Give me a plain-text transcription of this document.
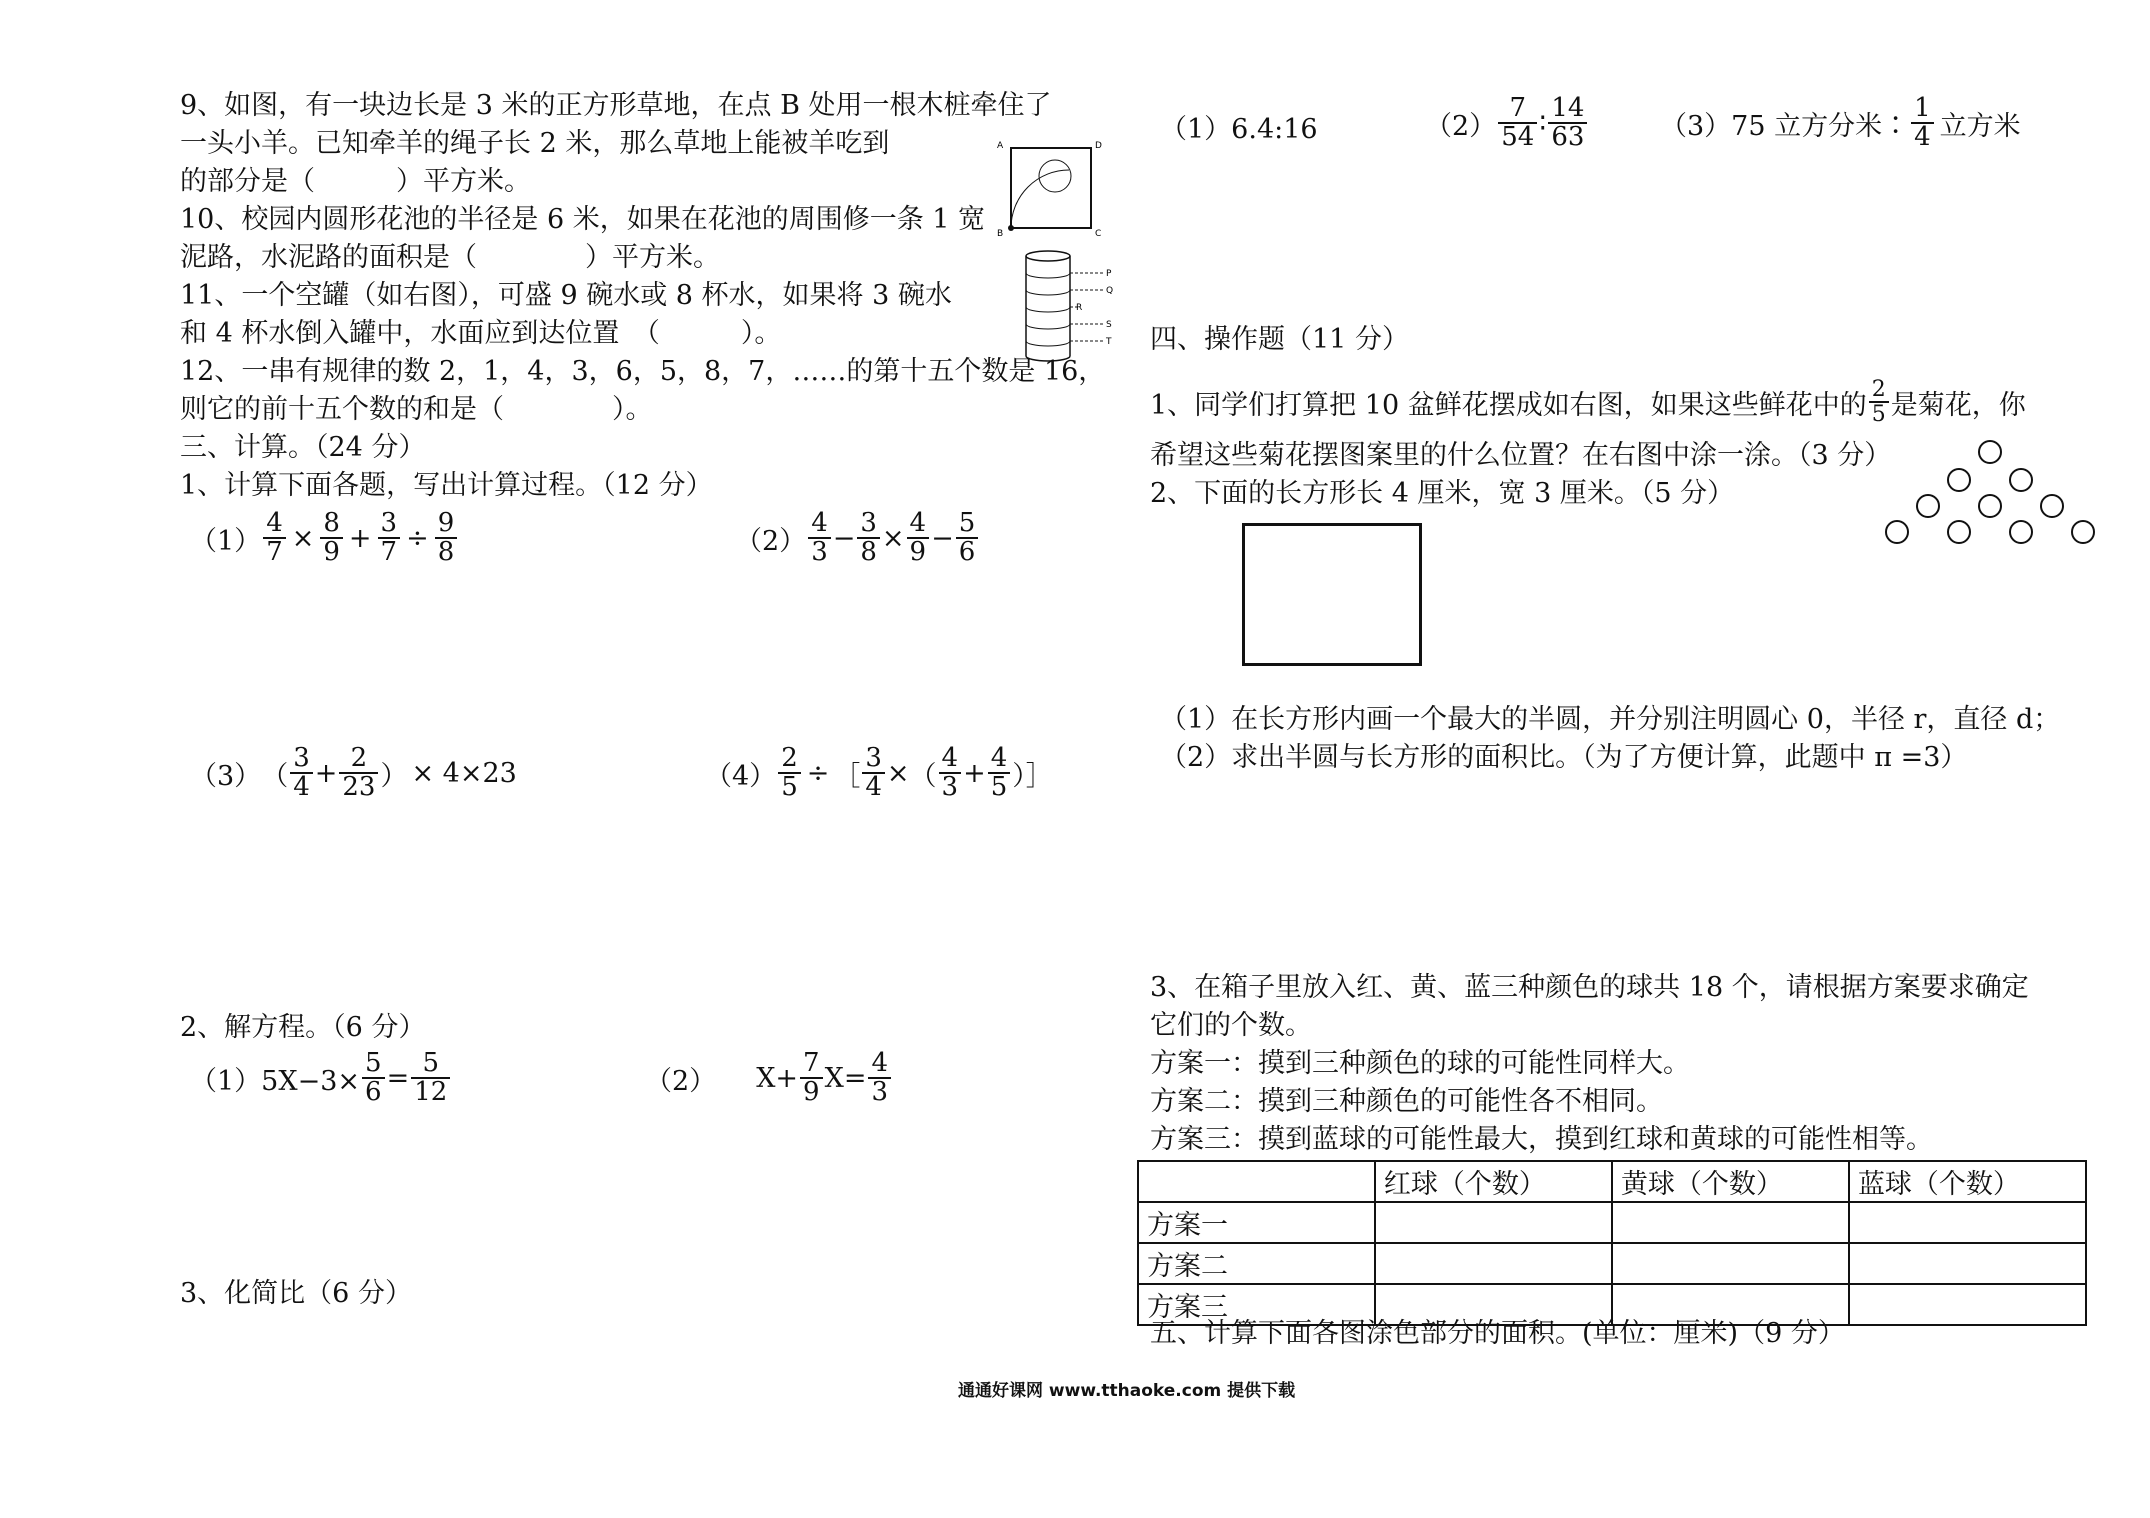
9、如图，有一块边长是 3 米的正方形草地，在点 B 处用一根木桩牵住了
一头小羊。已知牵羊的绳子长 2 米，那么草地上能被羊吃到
的部分是（　　　）平方米。
10、校园内圆形花池的半径是 6 米，如果在花池的周围修一条 1 宽
泥路，水泥路的面积是（　　　　）平方米。
11、一个空罐（如右图），可盛 9 碗水或 8 杯水，如果将 3 碗水
和 4 杯水倒入罐中，水面应到达位置　（　　　）。
12、一串有规律的数 2，1，4，3，6，5，8，7，……的第十五个数是 16，
则它的前十五个数的和是（　　　　）。
三、计算。（24 分）
1、计算下面各题，写出计算过程。（12 分）
A	D
B	C
P
Q
R
S
T
$(1) \frac{4}{7} \times \frac{8}{9} + \frac{3}{7} \div \frac{9}{8}$	$(2) \frac{4}{3} - \frac{3}{8} \times \frac{4}{9} - \frac{5}{6}$
（3） （ $\frac{3}{4} + \frac{2}{23}$ ） × 4×23	$(4) \frac{2}{5}$ ÷ ［ $\frac{3}{4}$ × （ $\frac{4}{3} + \frac{4}{5}$ ）］
2、解方程。（6 分）
$(1)5X-3\times \frac{5}{6} = \frac{5}{12}$	（2） $X+ \frac{7}{9} X= \frac{4}{3}$
3、化简比（6 分）
（1）6.4:16	$(2) \frac{7}{54}$ ∶ $\frac{14}{63}$	（3）75 立方分米∶ $\frac{1}{4}$ 立方米
四、操作题（11 分）
1、同学们打算把 10 盆鲜花摆成如右图，如果这些鲜花中的 $\frac{2}{5}$ 是菊花，你
希望这些菊花摆图案里的什么位置？在右图中涂一涂。（3 分）
2、下面的长方形长 4 厘米，宽 3 厘米。（5 分）
（1）在长方形内画一个最大的半圆，并分别注明圆心 0，半径 r，直径 d；
（2）求出半圆与长方形的面积比。（为了方便计算，此题中 π =3）
3、在箱子里放入红、黄、蓝三种颜色的球共 18 个，请根据方案要求确定
它们的个数。
方案一：摸到三种颜色的球的可能性同样大。
方案二：摸到三种颜色的可能性各不相同。
方案三：摸到蓝球的可能性最大，摸到红球和黄球的可能性相等。
	红球（个数）	黄球（个数）	蓝球（个数）
方案一			
方案二			
方案三			
五、计算下面各图涂色部分的面积。(单位：厘米)（9 分）
通通好课网 www.tthaoke.com 提供下载
